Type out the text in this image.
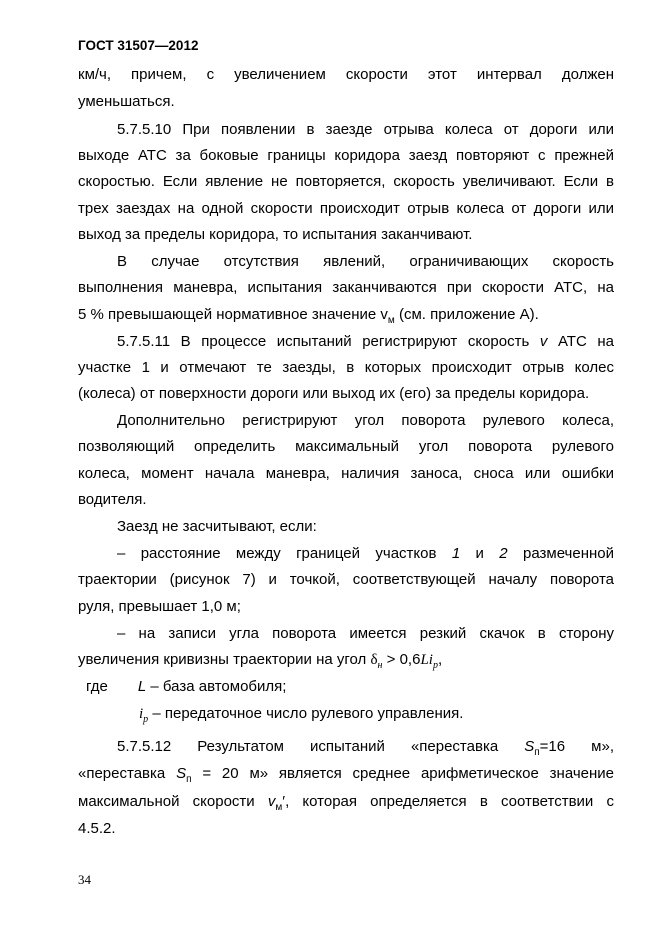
ГОСТ 31507—2012
км/ч, причем, с увеличением скорости этот интервал должен
уменьшаться.
5.7.5.10 При появлении в заезде отрыва колеса от дороги или
выходе АТС за боковые границы коридора заезд повторяют с прежней
скоростью. Если явление не повторяется, скорость увеличивают. Если в
трех заездах на одной скорости происходит отрыв колеса от дороги или
выход за пределы коридора, то испытания заканчивают.
В случае отсутствия явлений, ограничивающих скорость
выполнения маневра, испытания заканчиваются при скорости АТС, на
5 % превышающей нормативное значение $v_м$ (см. приложение А).
5.7.5.11 В процессе испытаний регистрируют скорость v АТС на
участке 1 и отмечают те заезды, в которых происходит отрыв колес
(колеса) от поверхности дороги или выход их (его) за пределы коридора.
Дополнительно регистрируют угол поворота рулевого колеса,
позволяющий определить максимальный угол поворота рулевого
колеса, момент начала маневра, наличия заноса, сноса или ошибки
водителя.
Заезд не засчитывают, если:
– расстояние между границей участков 1 и 2 размеченной
траектории (рисунок 7) и точкой, соответствующей началу поворота
руля, превышает 1,0 м;
– на записи угла поворота имеется резкий скачок в сторону
увеличения кривизны траектории на угол $\delta_н > 0,6Li_р$,
где L – база автомобиля;
$i_р$ – передаточное число рулевого управления.
5.7.5.12 Результатом испытаний «переставка $S_п=16$ м»,
«переставка $S_п = 20$ м» является среднее арифметическое значение
максимальной скорости $v_м'$, которая определяется в соответствии с
4.5.2.
34
